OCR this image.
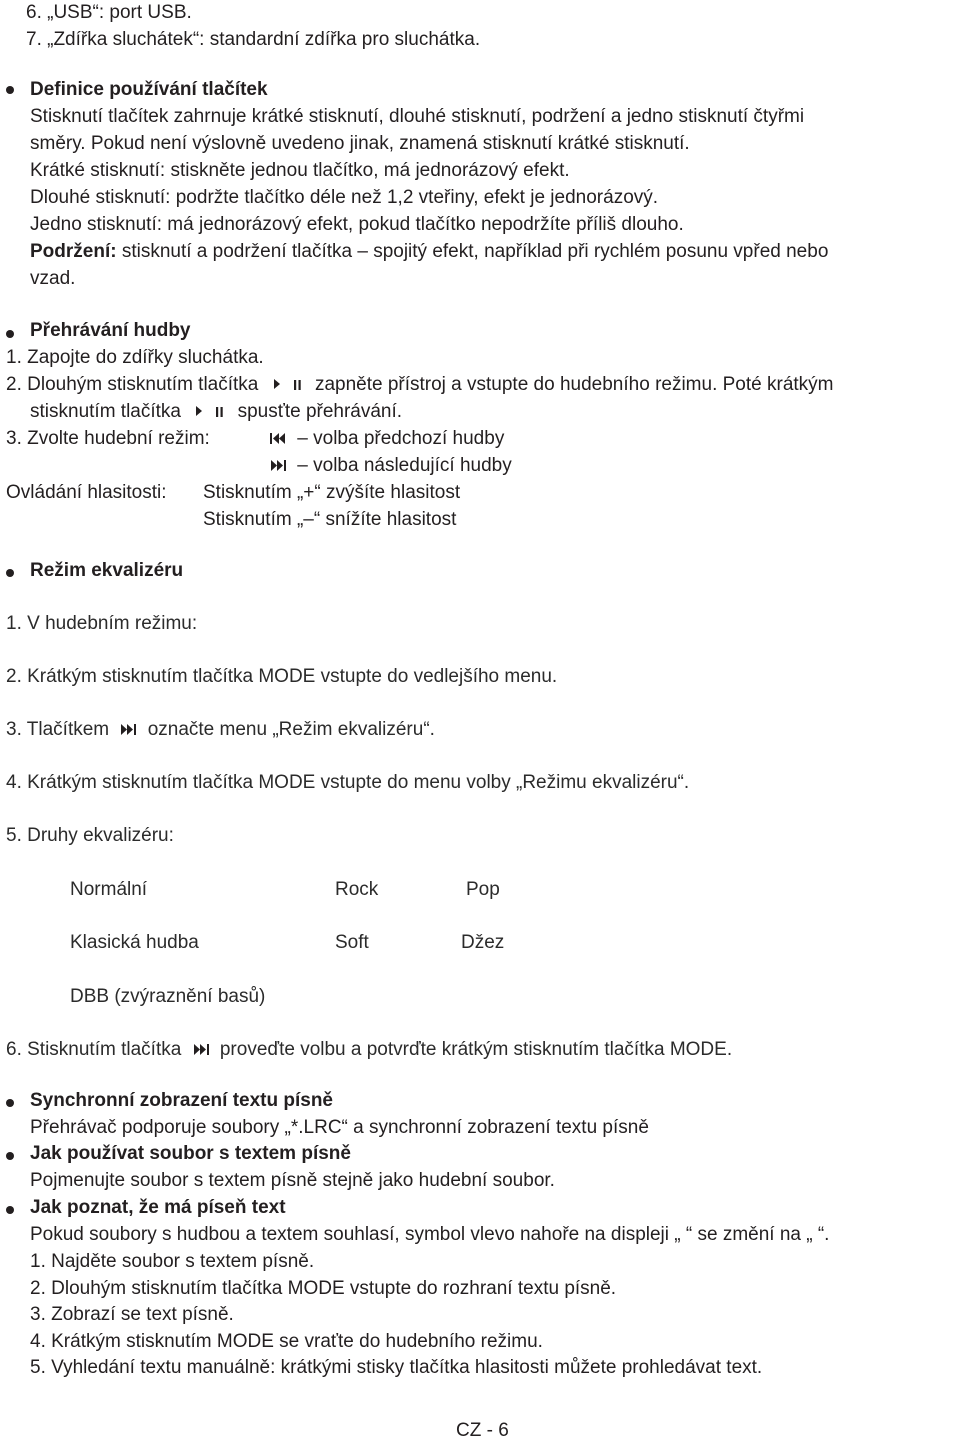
6. „USB“: port USB.
7. „Zdířka sluchátek“: standardní zdířka pro sluchátka.
Definice používání tlačítek
Stisknutí tlačítek zahrnuje krátké stisknutí, dlouhé stisknutí, podržení a jedno stisknutí čtyřmi
směry. Pokud není výslovně uvedeno jinak, znamená stisknutí krátké stisknutí.
Krátké stisknutí: stiskněte jednou tlačítko, má jednorázový efekt.
Dlouhé stisknutí: podržte tlačítko déle než 1,2 vteřiny, efekt je jednorázový.
Jedno stisknutí: má jednorázový efekt, pokud tlačítko nepodržíte příliš dlouho.
Podržení: stisknutí a podržení tlačítka – spojitý efekt, například při rychlém posunu vpřed nebo
vzad.
Přehrávání hudby
1. Zapojte do zdířky sluchátka.
2. Dlouhým stisknutím tlačítka	zapněte přístroj a vstupte do hudebního režimu. Poté krátkým
stisknutím tlačítka	spusťte přehrávání.
3. Zvolte hudební režim:	– volba předchozí hudby
– volba následující hudby
Ovládání hlasitosti: Stisknutím „+“ zvýšíte hlasitost
Stisknutím „–“ snížíte hlasitost
Režim ekvalizéru
1. V hudebním režimu:
2. Krátkým stisknutím tlačítka MODE vstupte do vedlejšího menu.
3. Tlačítkem označte menu „Režim ekvalizéru“.
4. Krátkým stisknutím tlačítka MODE vstupte do menu volby „Režimu ekvalizéru“.
5. Druhy ekvalizéru:
Normální	Rock	Pop
Klasická hudba	Soft	Džez
DBB (zvýraznění basů)
6. Stisknutím tlačítka proveďte volbu a potvrďte krátkým stisknutím tlačítka MODE.
Synchronní zobrazení textu písně
Přehrávač podporuje soubory „*.LRC“ a synchronní zobrazení textu písně
Jak používat soubor s textem písně
Pojmenujte soubor s textem písně stejně jako hudební soubor.
Jak poznat, že má píseň text
Pokud soubory s hudbou a textem souhlasí, symbol vlevo nahoře na displeji „ “ se změní na „ “.
1. Najděte soubor s textem písně.
2. Dlouhým stisknutím tlačítka MODE vstupte do rozhraní textu písně.
3. Zobrazí se text písně.
4. Krátkým stisknutím MODE se vraťte do hudebního režimu.
5. Vyhledání textu manuálně: krátkými stisky tlačítka hlasitosti můžete prohledávat text.
CZ - 6
